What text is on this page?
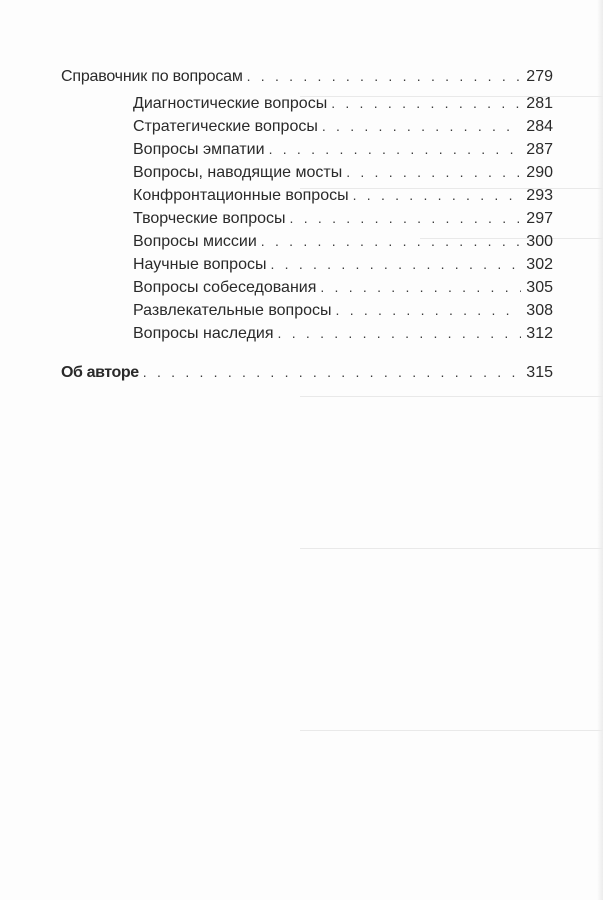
Справочник по вопросам . . .	279
Диагностические вопросы . . .	281
Стратегические вопросы . . .	284
Вопросы эмпатии . . .	287
Вопросы, наводящие мосты . . .	290
Конфронтационные вопросы . . .	293
Творческие вопросы . . .	297
Вопросы миссии . . .	300
Научные вопросы . . .	302
Вопросы собеседования . . .	305
Развлекательные вопросы . . .	308
Вопросы наследия . . .	312
Об авторе . . .	315
